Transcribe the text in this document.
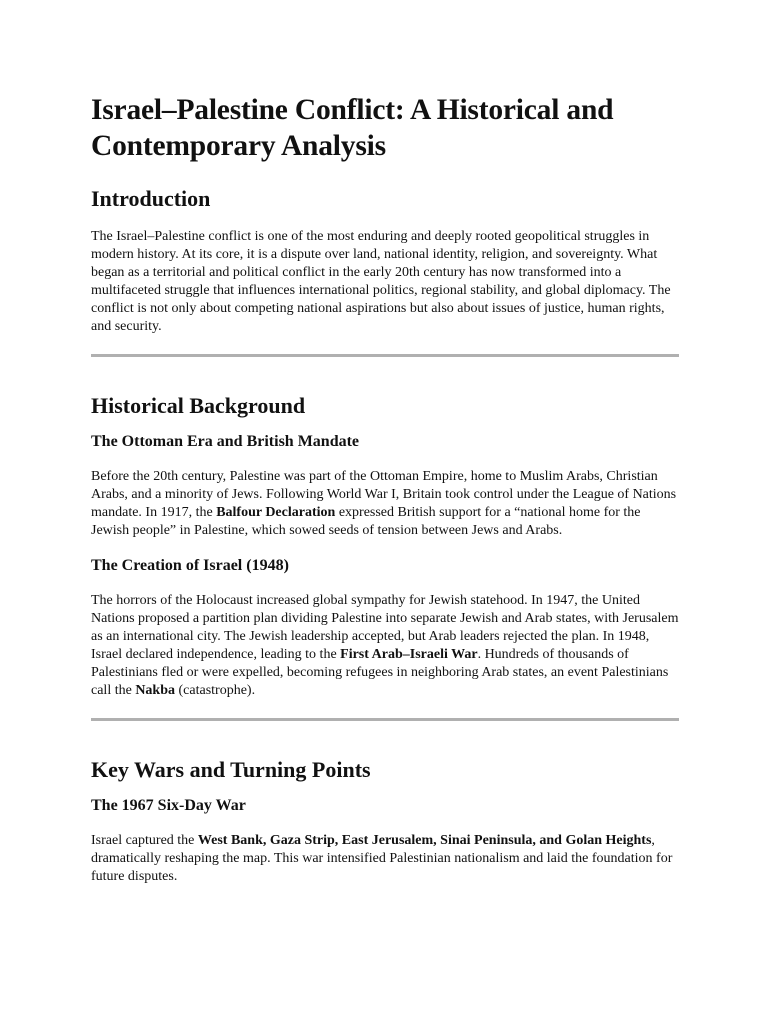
Israel–Palestine Conflict: A Historical and Contemporary Analysis
Introduction

The Israel–Palestine conflict is one of the most enduring and deeply rooted geopolitical struggles in modern history. At its core, it is a dispute over land, national identity, religion, and sovereignty. What began as a territorial and political conflict in the early 20th century has now transformed into a multifaceted struggle that influences international politics, regional stability, and global diplomacy. The conflict is not only about competing national aspirations but also about issues of justice, human rights, and security.

Historical Background
The Ottoman Era and British Mandate

Before the 20th century, Palestine was part of the Ottoman Empire, home to Muslim Arabs, Christian Arabs, and a minority of Jews. Following World War I, Britain took control under the League of Nations mandate. In 1917, the Balfour Declaration expressed British support for a “national home for the Jewish people” in Palestine, which sowed seeds of tension between Jews and Arabs.

The Creation of Israel (1948)

The horrors of the Holocaust increased global sympathy for Jewish statehood. In 1947, the United Nations proposed a partition plan dividing Palestine into separate Jewish and Arab states, with Jerusalem as an international city. The Jewish leadership accepted, but Arab leaders rejected the plan. In 1948, Israel declared independence, leading to the First Arab–Israeli War. Hundreds of thousands of Palestinians fled or were expelled, becoming refugees in neighboring Arab states, an event Palestinians call the Nakba (catastrophe).

Key Wars and Turning Points
The 1967 Six-Day War

Israel captured the West Bank, Gaza Strip, East Jerusalem, Sinai Peninsula, and Golan Heights, dramatically reshaping the map. This war intensified Palestinian nationalism and laid the foundation for future disputes.
